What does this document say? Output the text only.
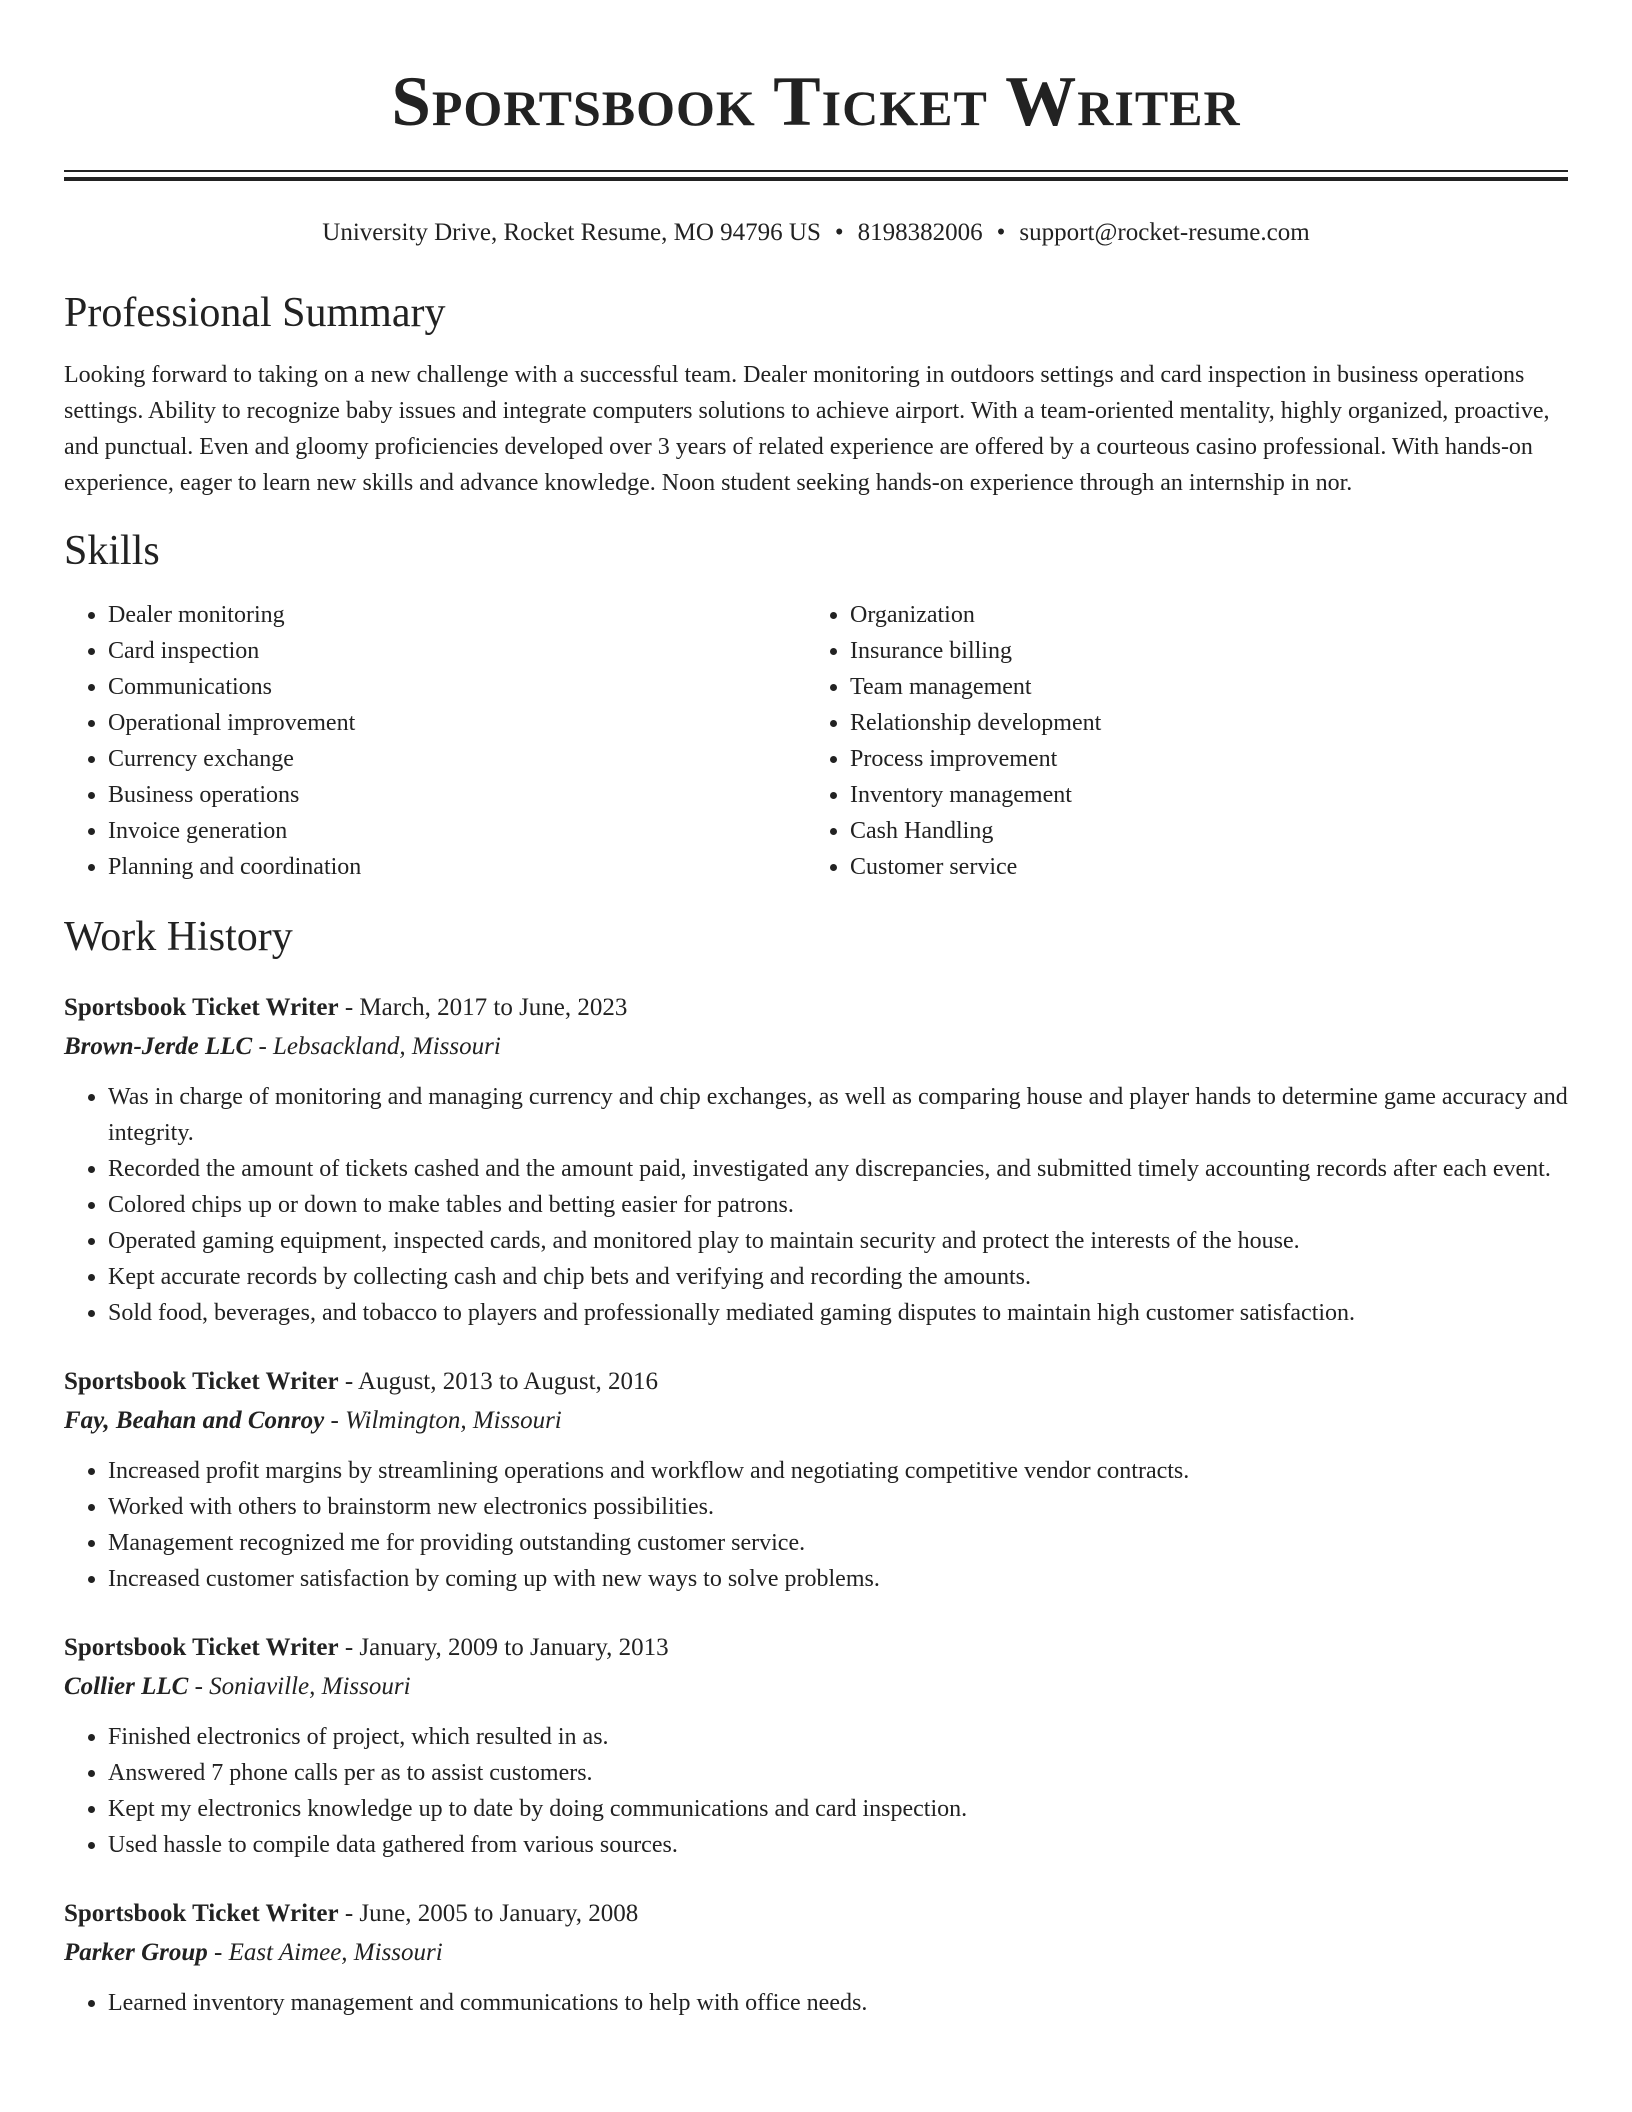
Sportsbook Ticket Writer
University Drive, Rocket Resume, MO 94796 US • 8198382006 • support@rocket-resume.com
Professional Summary

Looking forward to taking on a new challenge with a successful team. Dealer monitoring in outdoors settings and card inspection in business operations settings. Ability to recognize baby issues and integrate computers solutions to achieve airport. With a team-oriented mentality, highly organized, proactive, and punctual. Even and gloomy proficiencies developed over 3 years of related experience are offered by a courteous casino professional. With hands-on experience, eager to learn new skills and advance knowledge. Noon student seeking hands-on experience through an internship in nor.

Skills
• Dealer monitoring
• Card inspection
• Communications
• Operational improvement
• Currency exchange
• Business operations
• Invoice generation
• Planning and coordination
• Organization
• Insurance billing
• Team management
• Relationship development
• Process improvement
• Inventory management
• Cash Handling
• Customer service
Work History
Sportsbook Ticket Writer - March, 2017 to June, 2023
Brown-Jerde LLC - Lebsackland, Missouri
• Was in charge of monitoring and managing currency and chip exchanges, as well as comparing house and player hands to determine game accuracy and integrity.
• Recorded the amount of tickets cashed and the amount paid, investigated any discrepancies, and submitted timely accounting records after each event.
• Colored chips up or down to make tables and betting easier for patrons.
• Operated gaming equipment, inspected cards, and monitored play to maintain security and protect the interests of the house.
• Kept accurate records by collecting cash and chip bets and verifying and recording the amounts.
• Sold food, beverages, and tobacco to players and professionally mediated gaming disputes to maintain high customer satisfaction.
Sportsbook Ticket Writer - August, 2013 to August, 2016
Fay, Beahan and Conroy - Wilmington, Missouri
• Increased profit margins by streamlining operations and workflow and negotiating competitive vendor contracts.
• Worked with others to brainstorm new electronics possibilities.
• Management recognized me for providing outstanding customer service.
• Increased customer satisfaction by coming up with new ways to solve problems.
Sportsbook Ticket Writer - January, 2009 to January, 2013
Collier LLC - Soniaville, Missouri
• Finished electronics of project, which resulted in as.
• Answered 7 phone calls per as to assist customers.
• Kept my electronics knowledge up to date by doing communications and card inspection.
• Used hassle to compile data gathered from various sources.
Sportsbook Ticket Writer - June, 2005 to January, 2008
Parker Group - East Aimee, Missouri
• Learned inventory management and communications to help with office needs.
